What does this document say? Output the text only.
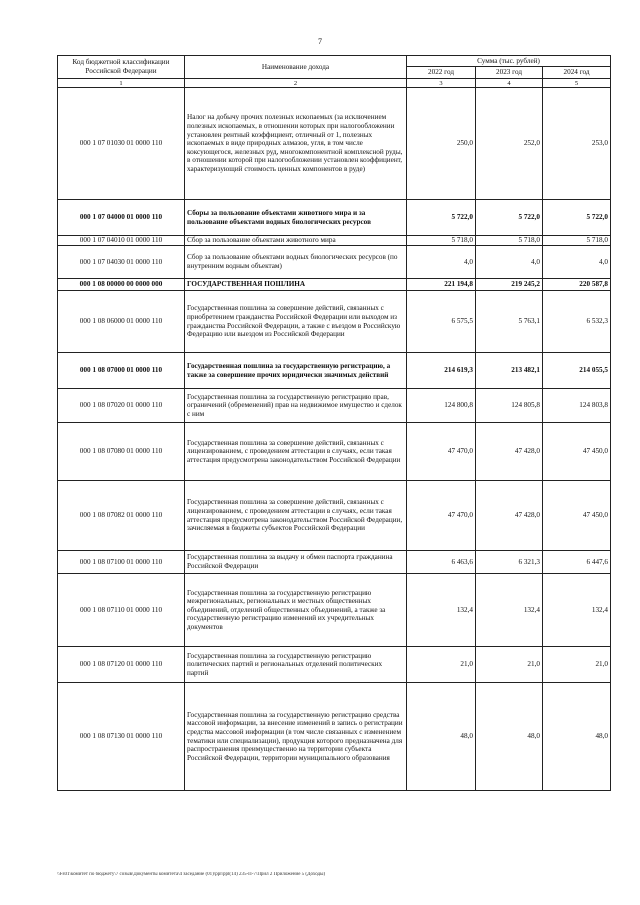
7
Код бюджетной классификации Российской Федерации	Наименование дохода	Сумма (тыс. рублей)		
		2022 год	2023 год	2024 год
1	2	3	4	5
000 1 07 01030 01 0000 110	Налог на добычу прочих полезных ископаемых (за исключением полезных ископаемых, в отношении которых при налогообложении установлен рентный коэффициент, отличный от 1, полезных ископаемых в виде природных алмазов, угля, в том числе коксующегося, железных руд, многокомпонентной комплексной руды, в отношении которой при налогообложении установлен коэффициент, характеризующий стоимость ценных компонентов в руде)	250,0	252,0	253,0
000 1 07 04000 01 0000 110	Сборы за пользование объектами животного мира и за пользование объектами водных биологических ресурсов	5 722,0	5 722,0	5 722,0
000 1 07 04010 01 0000 110	Сбор за пользование объектами животного мира	5 718,0	5 718,0	5 718,0
000 1 07 04030 01 0000 110	Сбор за пользование объектами водных биологических ресурсов (по внутренним водным объектам)	4,0	4,0	4,0
000 1 08 00000 00 0000 000	ГОСУДАРСТВЕННАЯ ПОШЛИНА	221 194,8	219 245,2	220 587,8
000 1 08 06000 01 0000 110	Государственная пошлина за совершение действий, связанных с приобретением гражданства Российской Федерации или выходом из гражданства Российской Федерации, а также с въездом в Российскую Федерацию или выездом из Российской Федерации	6 575,5	5 763,1	6 532,3
000 1 08 07000 01 0000 110	Государственная пошлина за государственную регистрацию, а также за совершение прочих юридически значимых действий	214 619,3	213 482,1	214 055,5
000 1 08 07020 01 0000 110	Государственная пошлина за государственную регистрацию прав, ограничений (обременений) прав на недвижимое имущество и сделок с ним	124 800,8	124 805,8	124 803,8
000 1 08 07080 01 0000 110	Государственная пошлина за совершение действий, связанных с лицензированием, с проведением аттестации в случаях, если такая аттестация предусмотрена законодательством Российской Федерации	47 470,0	47 428,0	47 450,0
000 1 08 07082 01 0000 110	Государственная пошлина за совершение действий, связанных с лицензированием, с проведением аттестации в случаях, если такая аттестация предусмотрена законодательством Российской Федерации, зачисляемая в бюджеты субъектов Российской Федерации	47 470,0	47 428,0	47 450,0
000 1 08 07100 01 0000 110	Государственная пошлина за выдачу и обмен паспорта гражданина Российской Федерации	6 463,6	6 321,3	6 447,6
000 1 08 07110 01 0000 110	Государственная пошлина за государственную регистрацию межрегиональных, региональных и местных общественных объединений, отделений общественных объединений, а также за государственную регистрацию изменений их учредительных документов	132,4	132,4	132,4
000 1 08 07120 01 0000 110	Государственная пошлина за государственную регистрацию политических партий и региональных отделений политических партий	21,0	21,0	21,0
000 1 08 07130 01 0000 110	Государственная пошлина за государственную регистрацию средства массовой информации, за внесение изменений в запись о регистрации средства массовой информации (в том числе связанных с изменением тематики или специализации), продукция которого предназначена для распространения преимущественно на территории субъекта Российской Федерации, территории муниципального образования	48,0	48,0	48,0
\\Fs01\комитет по бюджету\7 созыв\Документы комитета\4 заседание (01)\ppl\ppl(14) 235-П-7\Прил 2 Приложение 5 (Доходы)
